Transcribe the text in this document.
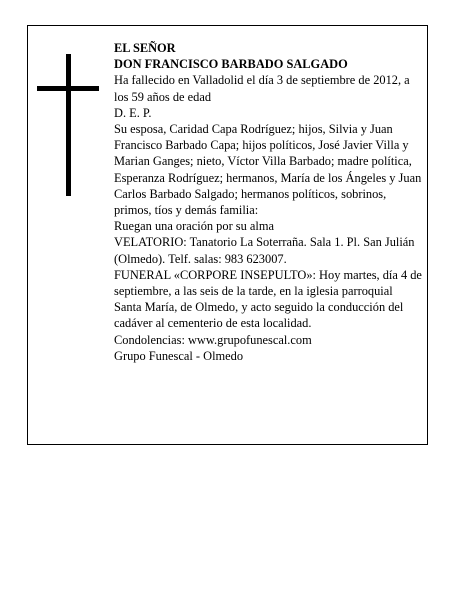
EL SEÑOR

DON FRANCISCO BARBADO SALGADO

Ha fallecido en Valladolid el día 3 de septiembre de 2012, a los 59 años de edad

D. E. P.

Su esposa, Caridad Capa Rodríguez; hijos, Silvia y Juan Francisco Barbado Capa; hijos políticos, José Javier Villa y Marian Ganges; nieto, Víctor Villa Barbado; madre política, Esperanza Rodríguez; hermanos, María de los Ángeles y Juan Carlos Barbado Salgado; hermanos políticos, sobrinos, primos, tíos y demás familia:

Ruegan una oración por su alma

VELATORIO: Tanatorio La Soterraña. Sala 1. Pl. San Julián (Olmedo). Telf. salas: 983 623007.

FUNERAL «CORPORE INSEPULTO»: Hoy martes, día 4 de septiembre, a las seis de la tarde, en la iglesia parroquial Santa María, de Olmedo, y acto seguido la conducción del cadáver al cementerio de esta localidad.

Condolencias: www.grupofunescal.com

Grupo Funescal - Olmedo
